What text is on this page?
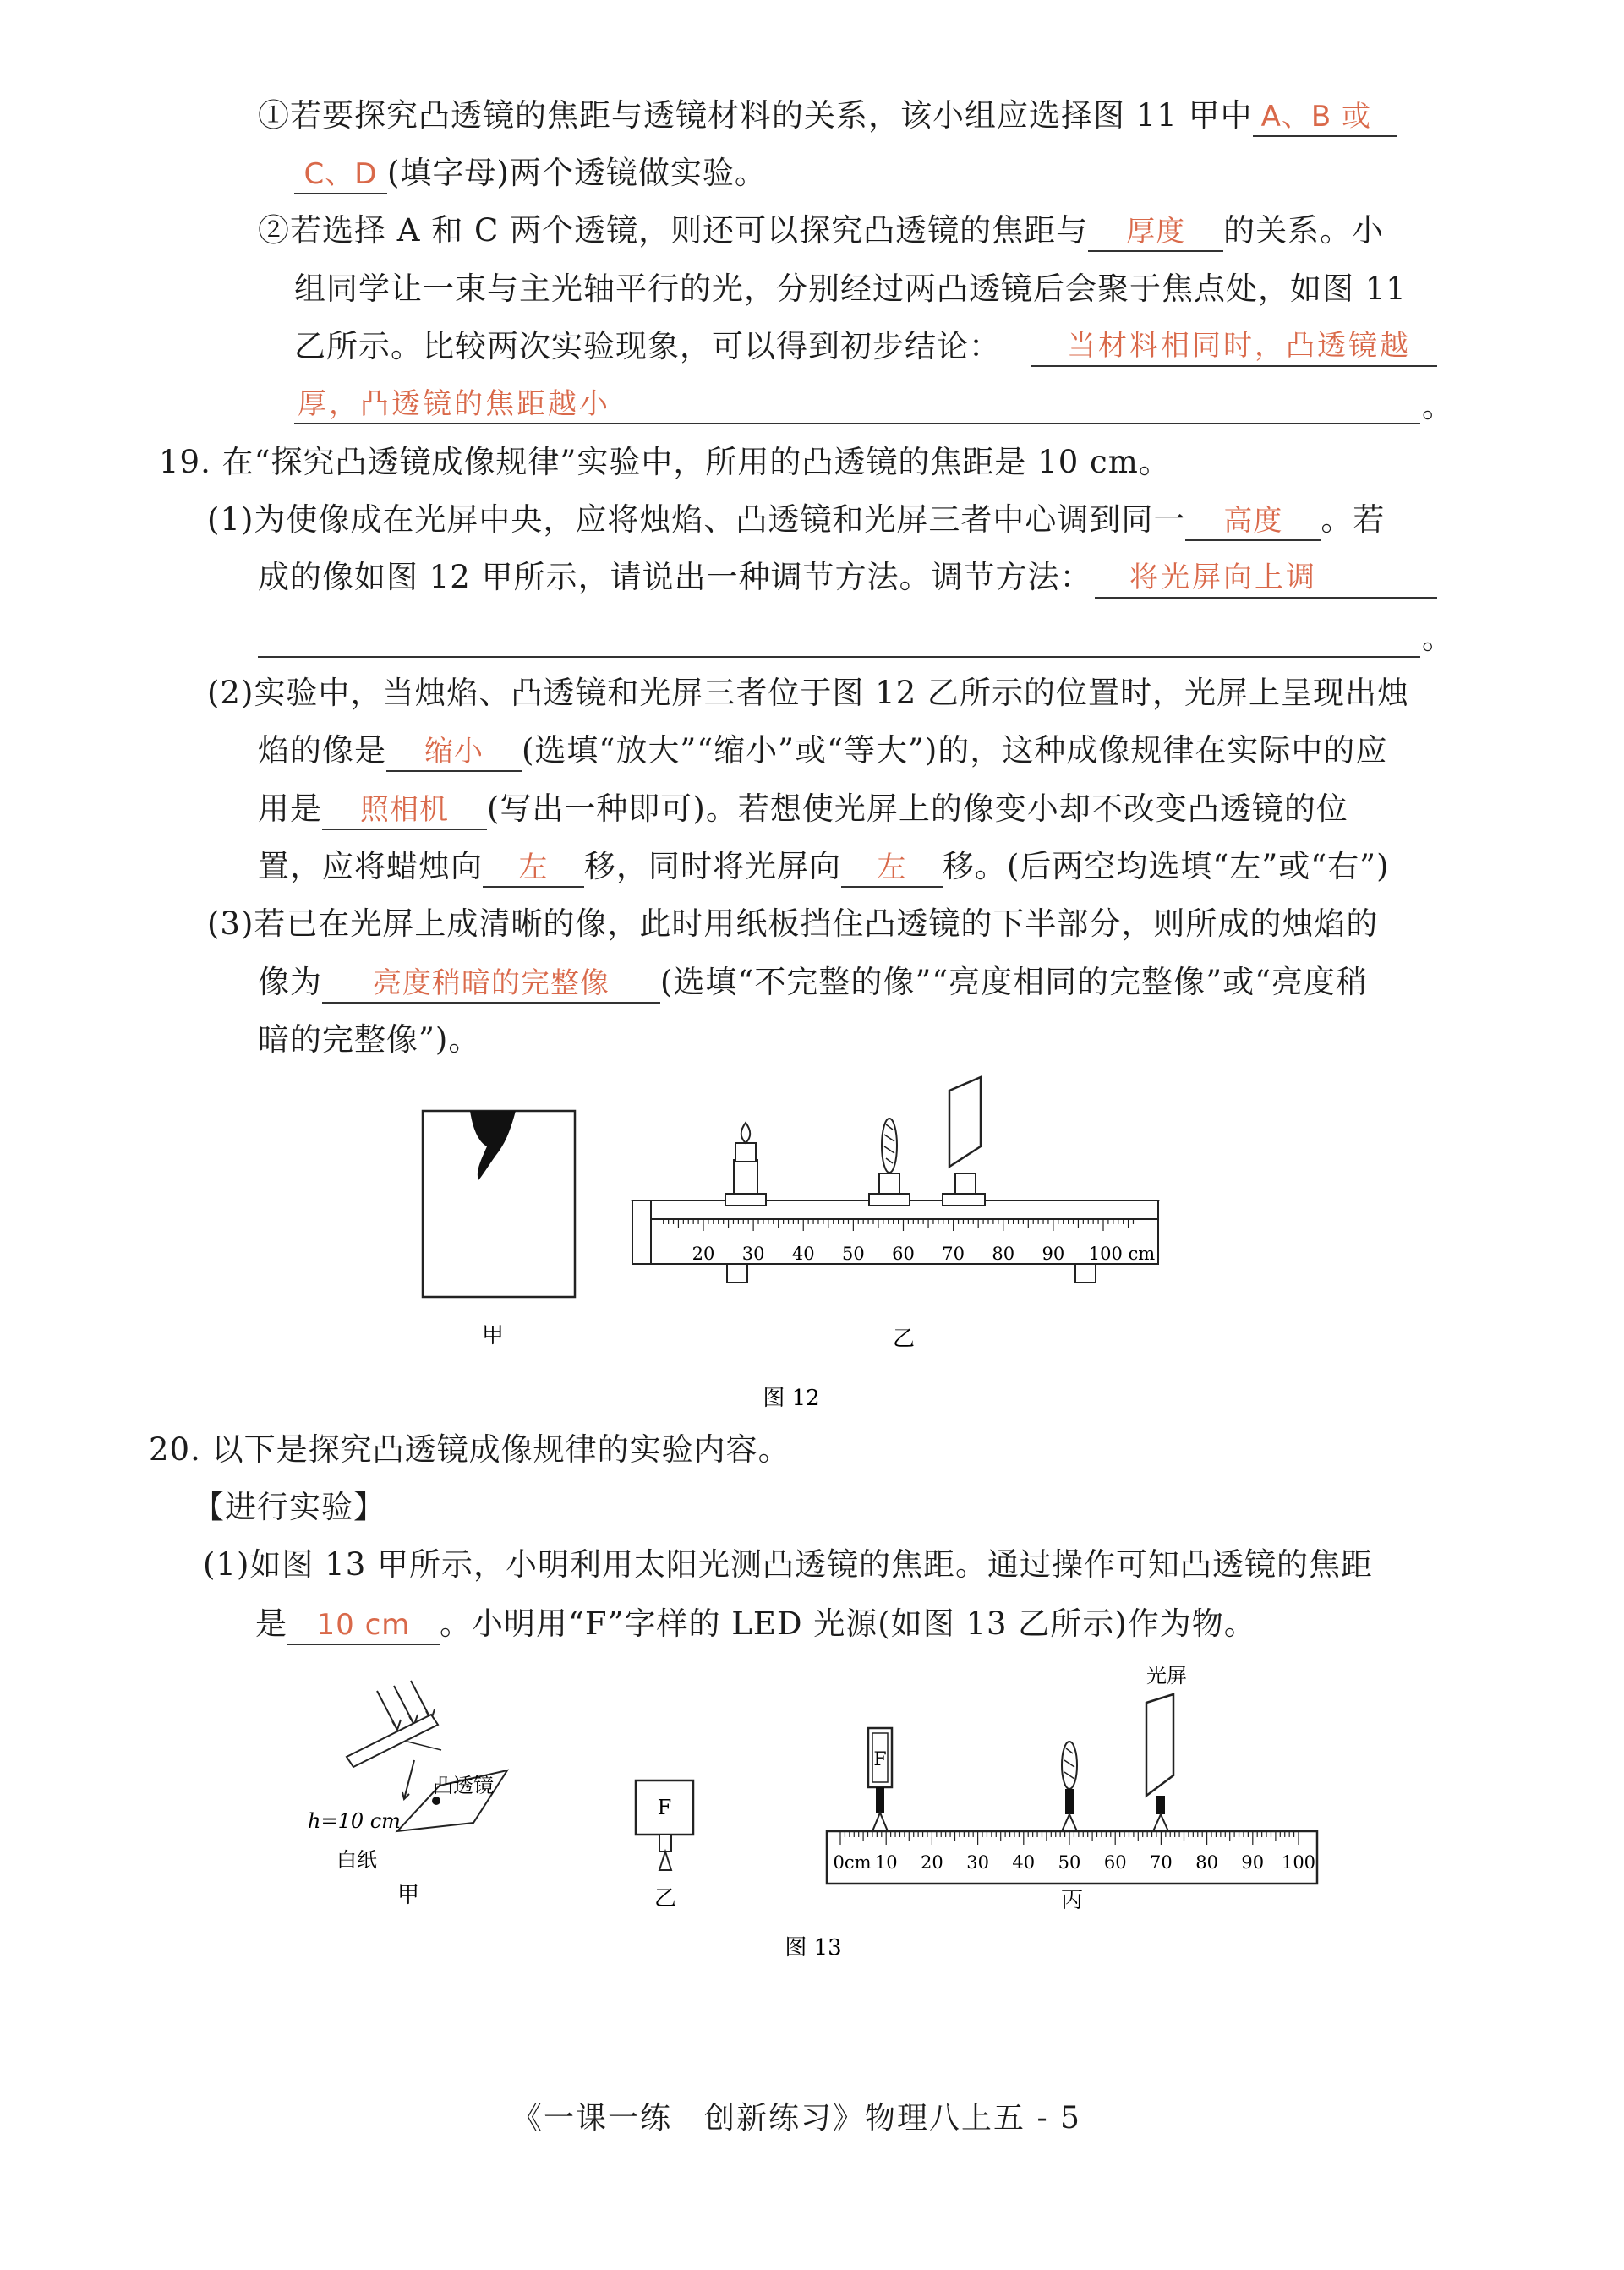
①若要探究凸透镜的焦距与透镜材料的关系，该小组应选择图 11 甲中 A、B 或
C、D (填字母)两个透镜做实验。
②若选择 A 和 C 两个透镜，则还可以探究凸透镜的焦距与 厚度 的关系。小
组同学让一束与主光轴平行的光，分别经过两凸透镜后会聚于焦点处，如图 11
乙所示。比较两次实验现象，可以得到初步结论： 当材料相同时，凸透镜越
厚，凸透镜的焦距越小	。
19. 在“探究凸透镜成像规律”实验中，所用的凸透镜的焦距是 10 cm。
(1)为使像成在光屏中央，应将烛焰、凸透镜和光屏三者中心调到同一 高度 。若
成的像如图 12 甲所示，请说出一种调节方法。调节方法： 将光屏向上调
。
(2)实验中，当烛焰、凸透镜和光屏三者位于图 12 乙所示的位置时，光屏上呈现出烛
焰的像是 缩小 (选填“放大”“缩小”或“等大”)的，这种成像规律在实际中的应
用是 照相机 (写出一种即可)。若想使光屏上的像变小却不改变凸透镜的位
置，应将蜡烛向 左 移，同时将光屏向 左 移。(后两空均选填“左”或“右”)
(3)若已在光屏上成清晰的像，此时用纸板挡住凸透镜的下半部分，则所成的烛焰的
像为 亮度稍暗的完整像 (选填“不完整的像”“亮度相同的完整像”或“亮度稍
暗的完整像”)。
20 30 40 50 60 70 80 90 100 cm
甲	乙
图 12
20. 以下是探究凸透镜成像规律的实验内容。
【进行实验】
(1)如图 13 甲所示，小明利用太阳光测凸透镜的焦距。通过操作可知凸透镜的焦距
是 10 cm 。小明用“F”字样的 LED 光源(如图 13 乙所示)作为物。
凸透镜
h=10 cm
白纸
甲
F
乙
0cm 10 20 30 40 50 60 70 80 90 100
F
光屏
丙
图 13
《一课一练　创新练习》物理八上五 - 5
